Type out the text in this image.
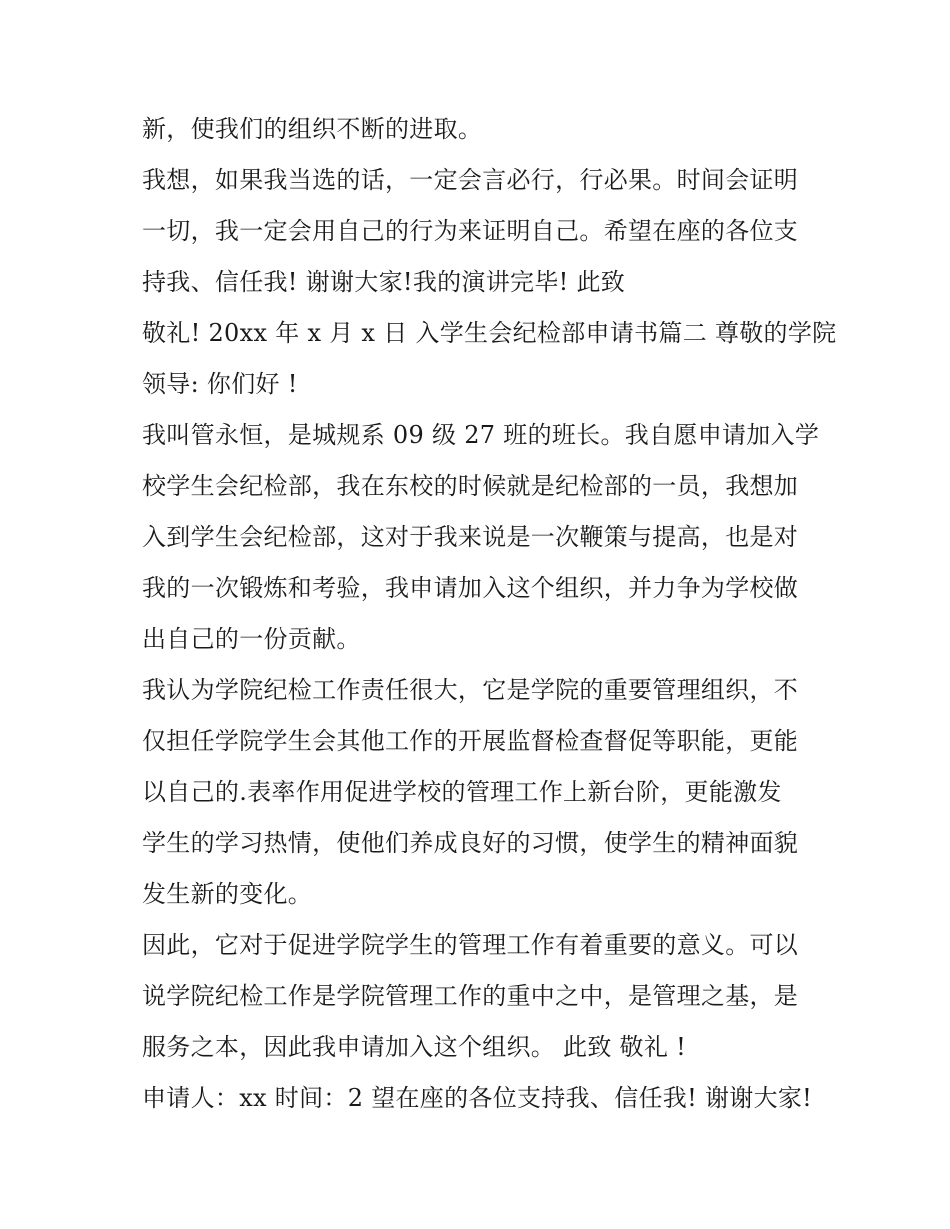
新，使我们的组织不断的进取。
我想，如果我当选的话，一定会言必行，行必果。时间会证明
一切，我一定会用自己的行为来证明自己。希望在座的各位支
持我、信任我! 谢谢大家!我的演讲完毕! 此致
敬礼! 20xx 年 x 月 x 日 入学生会纪检部申请书篇二 尊敬的学院
领导: 你们好 !
我叫管永恒，是城规系 09 级 27 班的班长。我自愿申请加入学
校学生会纪检部，我在东校的时候就是纪检部的一员，我想加
入到学生会纪检部，这对于我来说是一次鞭策与提高，也是对
我的一次锻炼和考验，我申请加入这个组织，并力争为学校做
出自己的一份贡献。
我认为学院纪检工作责任很大，它是学院的重要管理组织，不
仅担任学院学生会其他工作的开展监督检查督促等职能，更能
以自己的.表率作用促进学校的管理工作上新台阶，更能激发
学生的学习热情，使他们养成良好的习惯，使学生的精神面貌
发生新的变化。
因此，它对于促进学院学生的管理工作有着重要的意义。可以
说学院纪检工作是学院管理工作的重中之中，是管理之基，是
服务之本，因此我申请加入这个组织。 此致 敬礼 !
申请人：xx 时间：2 望在座的各位支持我、信任我! 谢谢大家!
